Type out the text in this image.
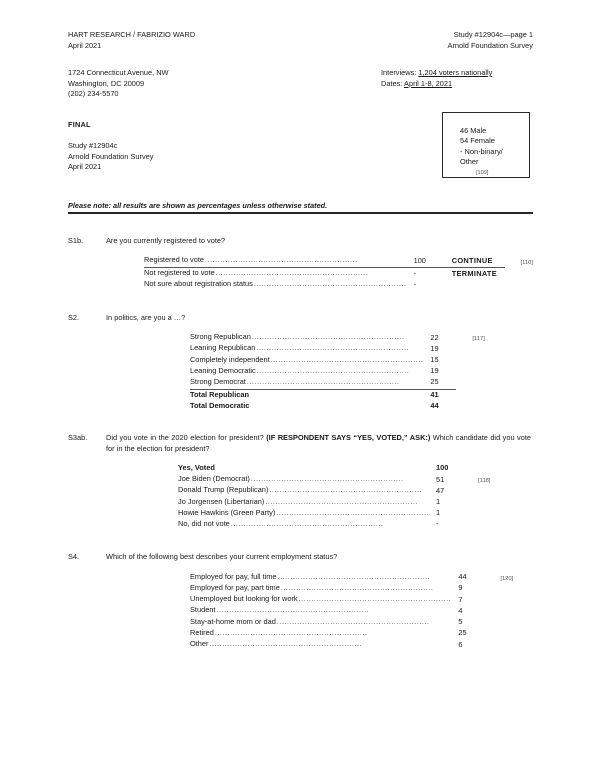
HART RESEARCH / FABRIZIO WARD
April 2021
Study #12904c—page 1
Arnold Foundation Survey
1724 Connecticut Avenue, NW
Washington, DC 20009
(202) 234-5570
Interviews: 1,204 voters nationally
Dates: April 1-8, 2021
FINAL
Study #12904c
Arnold Foundation Survey
April 2021
46 Male
54 Female
- Non-binary/
Other
[109]
Please note: all results are shown as percentages unless otherwise stated.
S1b.	Are you currently registered to vote?
Registered to vote............................................................	100	CONTINUE	[110]
Not registered to vote............................................................	-	TERMINATE	
Not sure about registration status............................................................	-		
S2.	In politics, are you a …?
Strong Republican............................................................	22	[117]
Leaning Republican............................................................	19	
Completely independent............................................................	15	
Leaning Democratic............................................................	19	
Strong Democrat............................................................	25	
Total Republican	41	
Total Democratic	44	
S3ab.	Did you vote in the 2020 election for president? (IF RESPONDENT SAYS “YES, VOTED,” ASK:) Which candidate did you vote for in the election for president?
Yes, Voted	100	
Joe Biden (Democrat)............................................................	51	[118]
Donald Trump (Republican)............................................................	47	
Jo Jorgensen (Libertarian)............................................................	1	
Howie Hawkins (Green Party)............................................................	1	
No, did not vote............................................................	-	
S4.	Which of the following best describes your current employment status?
Employed for pay, full time............................................................	44	[120]
Employed for pay, part time............................................................	9	
Unemployed but looking for work............................................................	7	
Student............................................................	4	
Stay-at-home mom or dad............................................................	5	
Retired............................................................	25	
Other............................................................	6	
